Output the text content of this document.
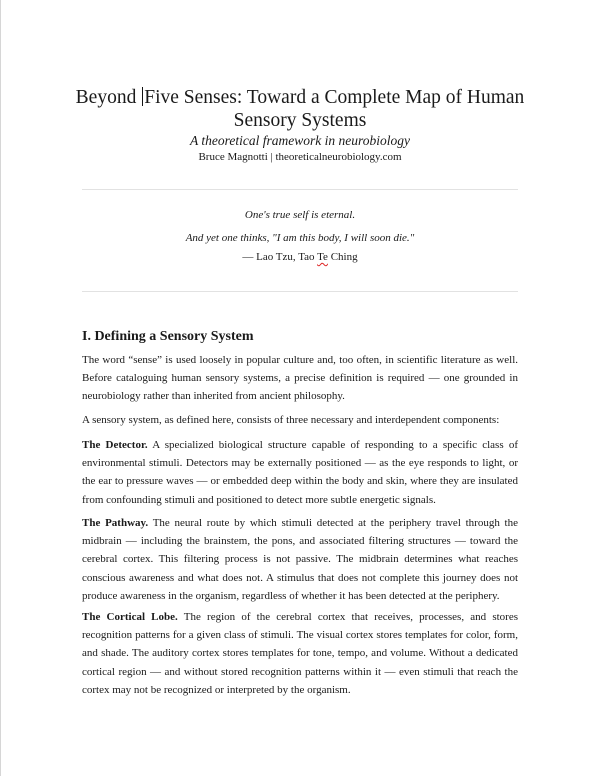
Beyond Five Senses: Toward a Complete Map of Human Sensory Systems

A theoretical framework in neurobiology

Bruce Magnotti | theoreticalneurobiology.com

One's true self is eternal.

And yet one thinks, "I am this body, I will soon die."

— Lao Tzu, Tao Te Ching

I. Defining a Sensory System

The word “sense” is used loosely in popular culture and, too often, in scientific literature as well. Before cataloguing human sensory systems, a precise definition is required — one grounded in neurobiology rather than inherited from ancient philosophy.

A sensory system, as defined here, consists of three necessary and interdependent components:

The Detector. A specialized biological structure capable of responding to a specific class of environmental stimuli. Detectors may be externally positioned — as the eye responds to light, or the ear to pressure waves — or embedded deep within the body and skin, where they are insulated from confounding stimuli and positioned to detect more subtle energetic signals.

The Pathway. The neural route by which stimuli detected at the periphery travel through the midbrain — including the brainstem, the pons, and associated filtering structures — toward the cerebral cortex. This filtering process is not passive. The midbrain determines what reaches conscious awareness and what does not. A stimulus that does not complete this journey does not produce awareness in the organism, regardless of whether it has been detected at the periphery.

The Cortical Lobe. The region of the cerebral cortex that receives, processes, and stores recognition patterns for a given class of stimuli. The visual cortex stores templates for color, form, and shade. The auditory cortex stores templates for tone, tempo, and volume. Without a dedicated cortical region — and without stored recognition patterns within it — even stimuli that reach the cortex may not be recognized or interpreted by the organism.
